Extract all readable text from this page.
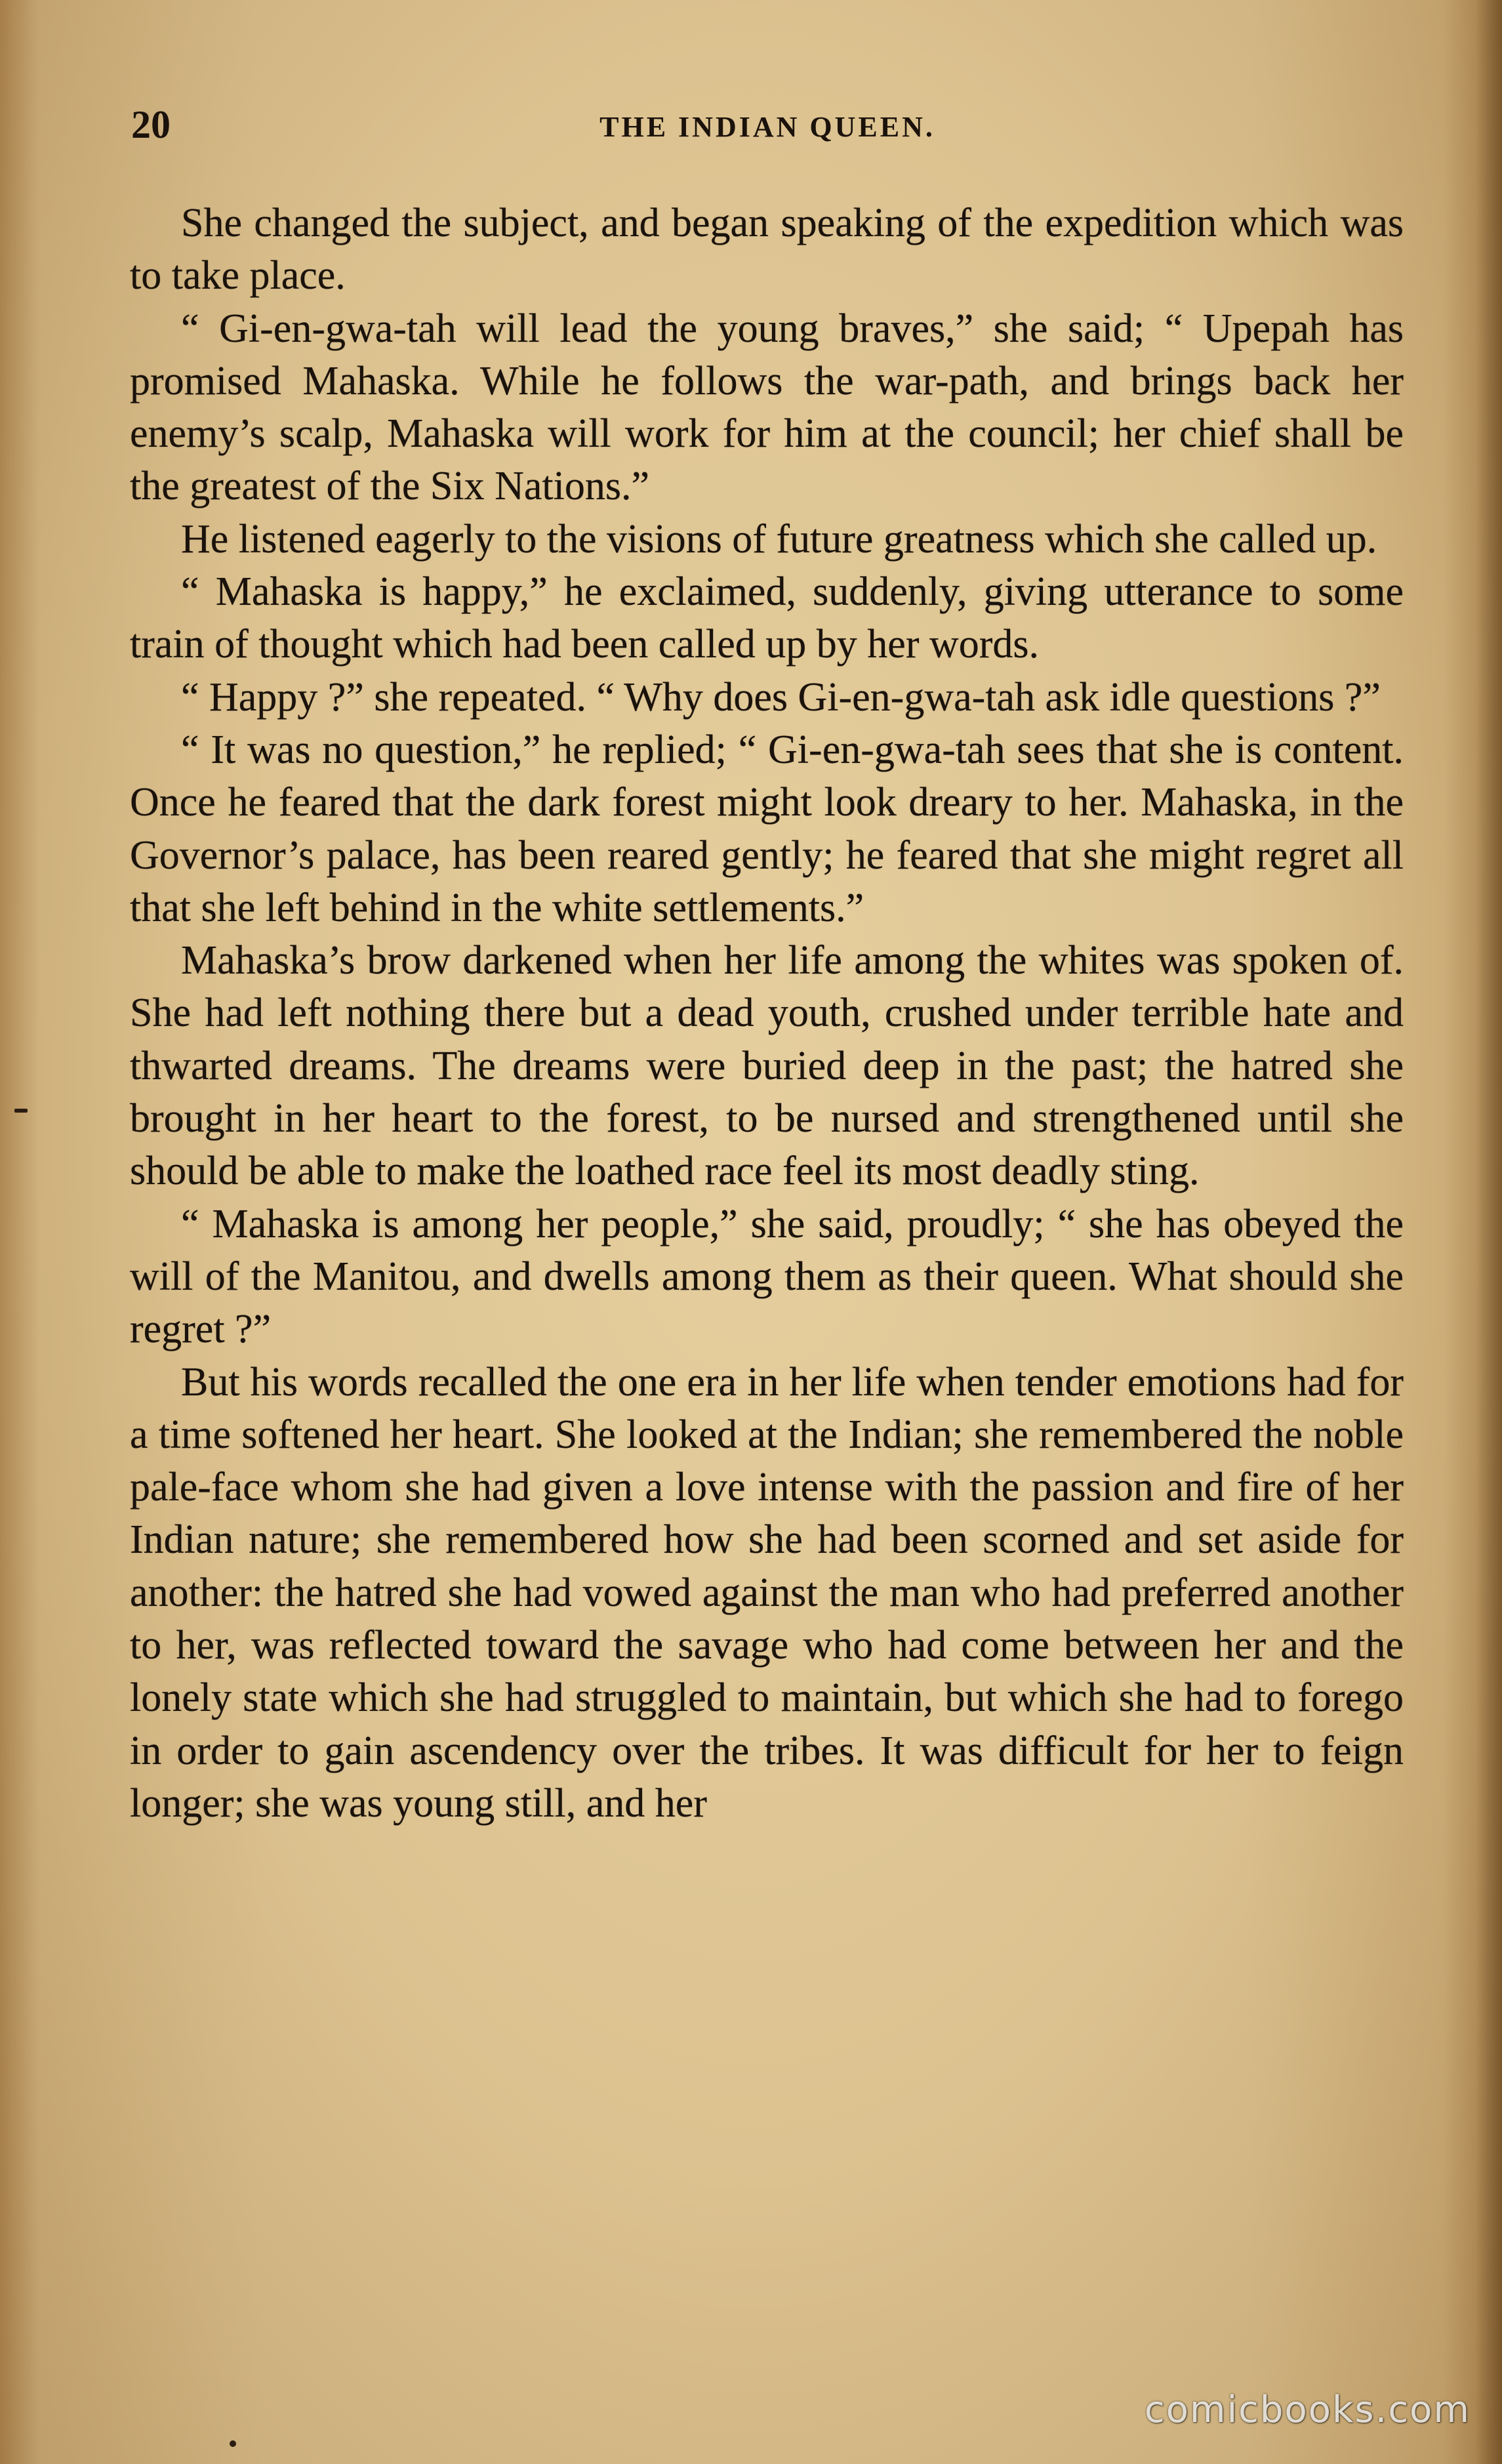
20	THE INDIAN QUEEN.

She changed the subject, and began speaking of the expedition which was to take place.

“ Gi-en-gwa-tah will lead the young braves,” she said; “ Upepah has promised Mahaska. While he follows the war-path, and brings back her enemy’s scalp, Mahaska will work for him at the council; her chief shall be the greatest of the Six Nations.”

He listened eagerly to the visions of future greatness which she called up.

“ Mahaska is happy,” he exclaimed, suddenly, giving utterance to some train of thought which had been called up by her words.

“ Happy ?” she repeated. “ Why does Gi-en-gwa-tah ask idle questions ?”

“ It was no question,” he replied; “ Gi-en-gwa-tah sees that she is content. Once he feared that the dark forest might look dreary to her. Mahaska, in the Governor’s palace, has been reared gently; he feared that she might regret all that she left behind in the white settlements.”

Mahaska’s brow darkened when her life among the whites was spoken of. She had left nothing there but a dead youth, crushed under terrible hate and thwarted dreams. The dreams were buried deep in the past; the hatred she brought in her heart to the forest, to be nursed and strengthened until she should be able to make the loathed race feel its most deadly sting.

“ Mahaska is among her people,” she said, proudly; “ she has obeyed the will of the Manitou, and dwells among them as their queen. What should she regret ?”

But his words recalled the one era in her life when tender emotions had for a time softened her heart. She looked at the Indian; she remembered the noble pale-face whom she had given a love intense with the passion and fire of her Indian nature; she remembered how she had been scorned and set aside for another: the hatred she had vowed against the man who had preferred another to her, was reflected toward the savage who had come between her and the lonely state which she had struggled to maintain, but which she had to forego in order to gain ascendency over the tribes. It was difficult for her to feign longer; she was young still, and her

comicbooks.com
